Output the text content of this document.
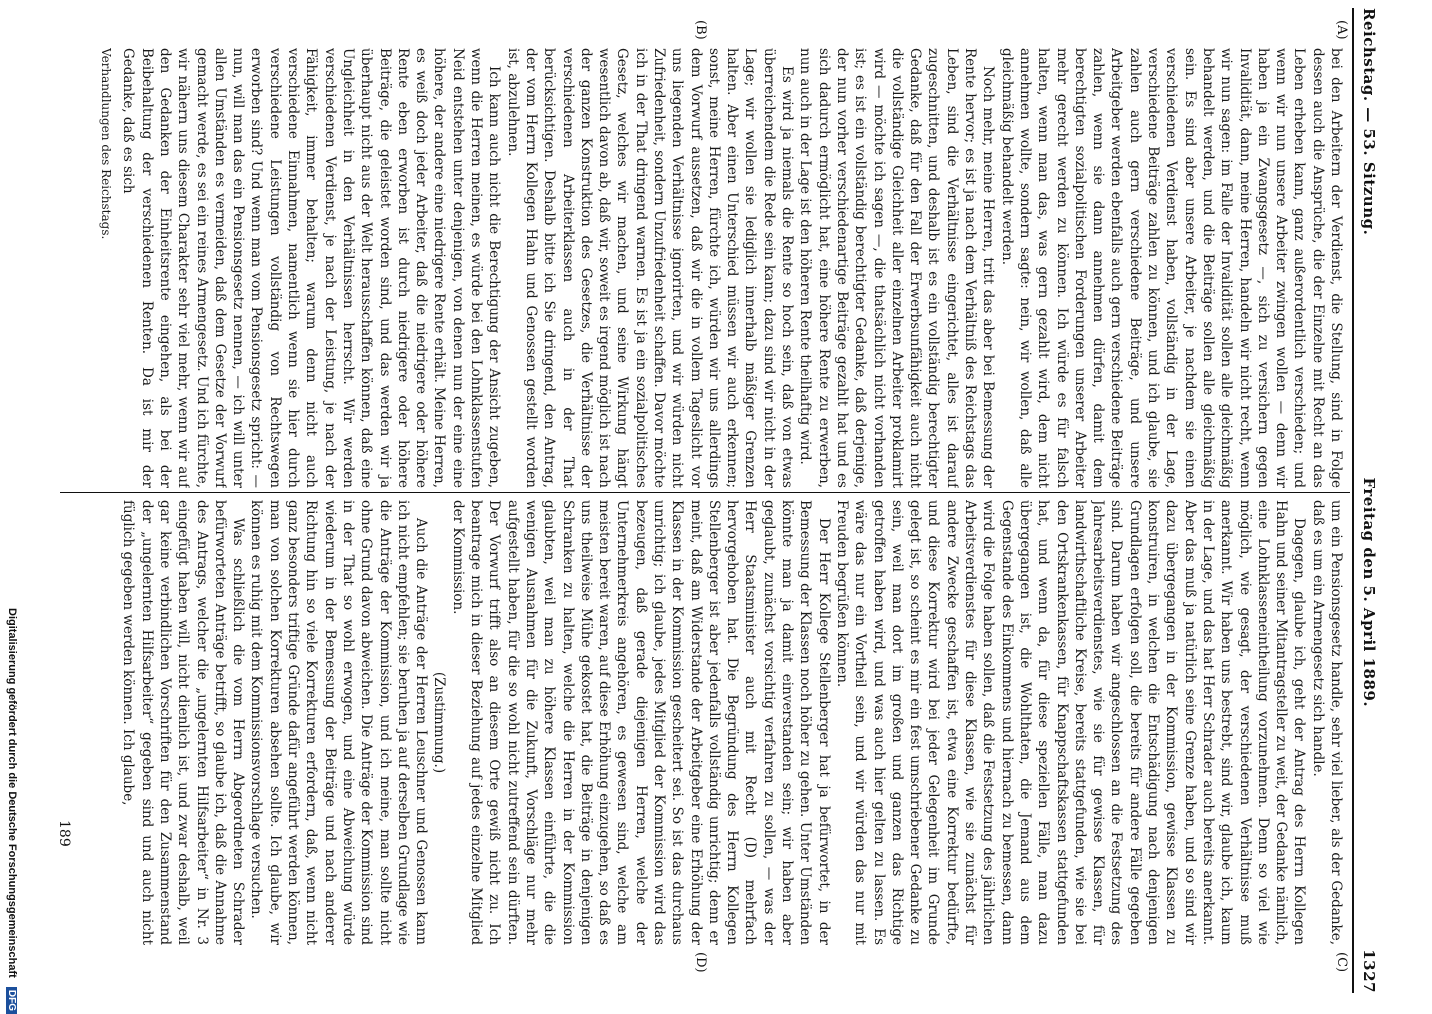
Reichstag. — 53. Sitzung.
Freitag den 5. April 1889.
1327
(A)
(B)
(C)
(D)

bei den Arbeitern der Verdienst, die Stellung, sind in Folge dessen auch die Ansprüche, die der Einzelne mit Recht an das Leben erheben kann, ganz außerordentlich verschieden; und wenn wir nun unsere Arbeiter zwingen wollen — denn wir haben ja ein Zwangsgesetz —, sich zu versichern gegen Invalidität, dann, meine Herren, handeln wir nicht recht, wenn wir nun sagen: im Falle der Invalidität sollen alle gleichmäßig behandelt werden, und die Beiträge sollen alle gleichmäßig sein. Es sind aber unsere Arbeiter, je nachdem sie einen verschiedenen Verdienst haben, vollständig in der Lage, verschiedene Beiträge zahlen zu können, und ich glaube, sie zahlen auch gern verschiedene Beiträge, und unsere Arbeitgeber werden ebenfalls auch gern verschiedene Beiträge zahlen, wenn sie dann annehmen dürfen, damit dem berechtigten sozialpolitischen Forderungen unserer Arbeiter mehr gerecht werden zu können. Ich würde es für falsch halten, wenn man das, was gern gezahlt wird, dem nicht annehmen wollte, sondern sagte: nein, wir wollen, daß alle gleichmäßig behandelt werden.

Noch mehr, meine Herren, tritt das aber bei Bemessung der Rente hervor; es ist ja nach dem Verhältniß des Reichstags das Leben, sind die Verhältnisse eingerichtet, alles ist darauf zugeschnitten, und deshalb ist es ein vollständig berechtigter Gedanke, daß für den Fall der Erwerbsunfähigkeit auch nicht die vollständige Gleichheit aller einzelnen Arbeiter proklamirt wird — möchte ich sagen —, die thatsächlich nicht vorhanden ist; es ist ein vollständig berechtigter Gedanke, daß derjenige, der nun vorher verschiedenartige Beiträge gezahlt hat und es sich dadurch ermöglicht hat, eine höhere Rente zu erwerben, nun auch in der Lage ist den höheren Rente theilhaftig wird.

Es wird ja niemals die Rente so hoch sein, daß von etwas überreichendem die Rede sein kann; dazu sind wir nicht in der Lage; wir wollen sie lediglich innerhalb mäßiger Grenzen halten. Aber einen Unterschied müssen wir auch erkennen; sonst, meine Herren, fürchte ich, würden wir uns allerdings dem Vorwurf aussetzen, daß wir die in vollem Tageslicht vor uns liegenden Verhältnisse ignorirten, und wir würden nicht Zufriedenheit, sondern Unzufriedenheit schaffen. Davor möchte ich in der That dringend warnen. Es ist ja ein sozialpolitisches Gesetz, welches wir machen, und seine Wirkung hängt wesentlich davon ab, daß wir, soweit es irgend möglich ist nach der ganzen Konstruktion des Gesetzes, die Verhältnisse der verschiedenen Arbeiterklassen auch in der That berücksichtigen. Deshalb bitte ich Sie dringend, den Antrag, der vom Herrn Kollegen Hahn und Genossen gestellt worden ist, abzulehnen.

Ich kann auch nicht die Berechtigung der Ansicht zugeben, wenn die Herren meinen, es würde bei den Lohnklassenstufen Neid entstehen unter denjenigen, von denen nun der eine eine höhere, der andere eine niedrigere Rente erhält. Meine Herren, es weiß doch jeder Arbeiter, daß die niedrigere oder höhere Rente eben erworben ist durch niedrigere oder höhere Beiträge, die geleistet worden sind, und das werden wir ja überhaupt nicht aus der Welt herausschaffen können, daß eine Ungleichheit in den Verhältnissen herrscht. Wir werden verschiedenen Verdienst, je nach der Leistung, je nach der Fähigkeit, immer behalten; warum denn nicht auch verschiedene Einnahmen, namentlich wenn sie hier durch verschiedene Leistungen vollständig von Rechtswegen erworben sind? Und wenn man vom Pensionsgesetz spricht: — nun, will man das ein Pensionsgesetz nennen, — ich will unter allen Umständen es vermeiden, daß dem Gesetze der Vorwurf gemacht werde, es sei ein reines Armengesetz. Und ich fürchte, wir nähern uns diesem Charakter sehr viel mehr, wenn wir auf den Gedanken der Einheitsrente eingehen, als bei der Beibehaltung der verschiedenen Renten. Da ist mir der Gedanke, daß es sich

Verhandlungen des Reichstags.

um ein Pensionsgesetz handle, sehr viel lieber, als der Gedanke, daß es um ein Armengesetz sich handle.

Dagegen, glaube ich, geht der Antrag des Herrn Kollegen Hahn und seiner Mitantragsteller zu weit, der Gedanke nämlich, eine Lohnklasseneintheilung vorzunehmen. Denn so viel wie möglich, wie gesagt, der verschiedenen Verhältnisse muß anerkannt. Wir haben uns bestrebt, sind wir, glaube ich, kaum in der Lage, und das hat Herr Schrader auch bereits anerkannt. Aber das muß ja natürlich seine Grenze haben, und so sind wir dazu übergegangen in der Kommission, gewisse Klassen zu konstruiren, in welchen die Entschädigung nach denjenigen Grundlagen erfolgen soll, die bereits für andere Fälle gegeben sind. Darum haben wir angeschlossen an die Festsetzung des Jahresarbeitsverdienstes, wie sie für gewisse Klassen, für landwirthschaftliche Kreise, bereits stattgefunden, wie sie bei den Ortskrankenkassen, für Knappschaftskassen stattgefunden hat, und wenn da, für diese speziellen Fälle, man dazu übergegangen ist, die Wohlthaten, die Jemand aus dem Gegenstande des Einkommens und hiernach zu bemessen, dann wird die Folge haben sollen, daß die Festsetzung des jährlichen Arbeitsverdienstes für diese Klassen, wie sie zunächst für andere Zwecke geschaffen ist, etwa eine Korrektur bedürfte, und diese Korrektur wird bei jeder Gelegenheit im Grunde gelegt ist, so scheint es mir ein fest umschriebener Gedanke zu sein, weil man dort im großen und ganzen das Richtige getroffen haben wird, und was auch hier gelten zu lassen. Es wäre das nur ein Vortheil sein, und wir würden das nur mit Freuden begrüßen können.

Der Herr Kollege Stellenberger hat ja befürwortet, in der Bemessung der Klassen noch höher zu gehen. Unter Umständen könnte man ja damit einverstanden sein; wir haben aber geglaubt, zunächst vorsichtig verfahren zu sollen, — was der Herr Staatsminister auch mit Recht (D) mehrfach hervorgehoben hat. Die Begründung des Herrn Kollegen Stellenberger ist aber jedenfalls vollständig unrichtig; denn er meint, daß am Widerstande der Arbeitgeber eine Erhöhung der Klassen in der Kommission gescheitert sei. So ist das durchaus unrichtig; ich glaube, jedes Mitglied der Kommission wird das bezeugen, daß gerade diejenigen Herren, welche der Unternehmerkreis angehören, es gewesen sind, welche am meisten bereit waren, auf diese Erhöhung einzugehen, so daß es uns theilweise Mühe gekostet hat, die Beiträge in denjenigen Schranken zu halten, welche die Herren in der Kommission glaubten, weil man zu höhere Klassen einführte, die die wenigen Ausnahmen für die Zukunft, Vorschläge nur mehr aufgestellt haben, für die so wohl nicht zutreffend sein dürften. Der Vorwurf trifft also an diesem Orte gewiß nicht zu. Ich beantrage mich in dieser Beziehung auf jedes einzelne Mitglied der Kommission.

(Zustimmung.)

Auch die Anträge der Herren Leuschner und Genossen kann ich nicht empfehlen; sie beruhen ja auf derselben Grundlage wie die Anträge der Kommission, und ich meine, man sollte nicht ohne Grund davon abweichen. Die Anträge der Kommission sind in der That so wohl erwogen, und eine Abweichung würde wiederum in der Bemessung der Beiträge und nach anderer Richtung hin so viele Korrekturen erfordern, daß, wenn nicht ganz besonders triftige Gründe dafür angeführt werden können, man von solchen Korrekturen absehen sollte. Ich glaube, wir können es ruhig mit dem Kommissionsvorschlage versuchen.

Was schließlich die vom Herrn Abgeordneten Schrader befürworteten Anträge betrifft, so glaube ich, daß die Annahme des Antrags, welcher die „ungelernten Hilfsarbeiter“ in Nr. 3 eingefügt haben will, nicht dienlich ist, und zwar deshalb, weil gar keine verbindlichen Vorschriften für den Zusammenstand der „ungelernten Hilfsarbeiter“ gegeben sind und auch nicht füglich gegeben werden können. Ich glaube,

189
Digitalisierung gefördert durch die Deutsche Forschungsgemeinschaft DFG
